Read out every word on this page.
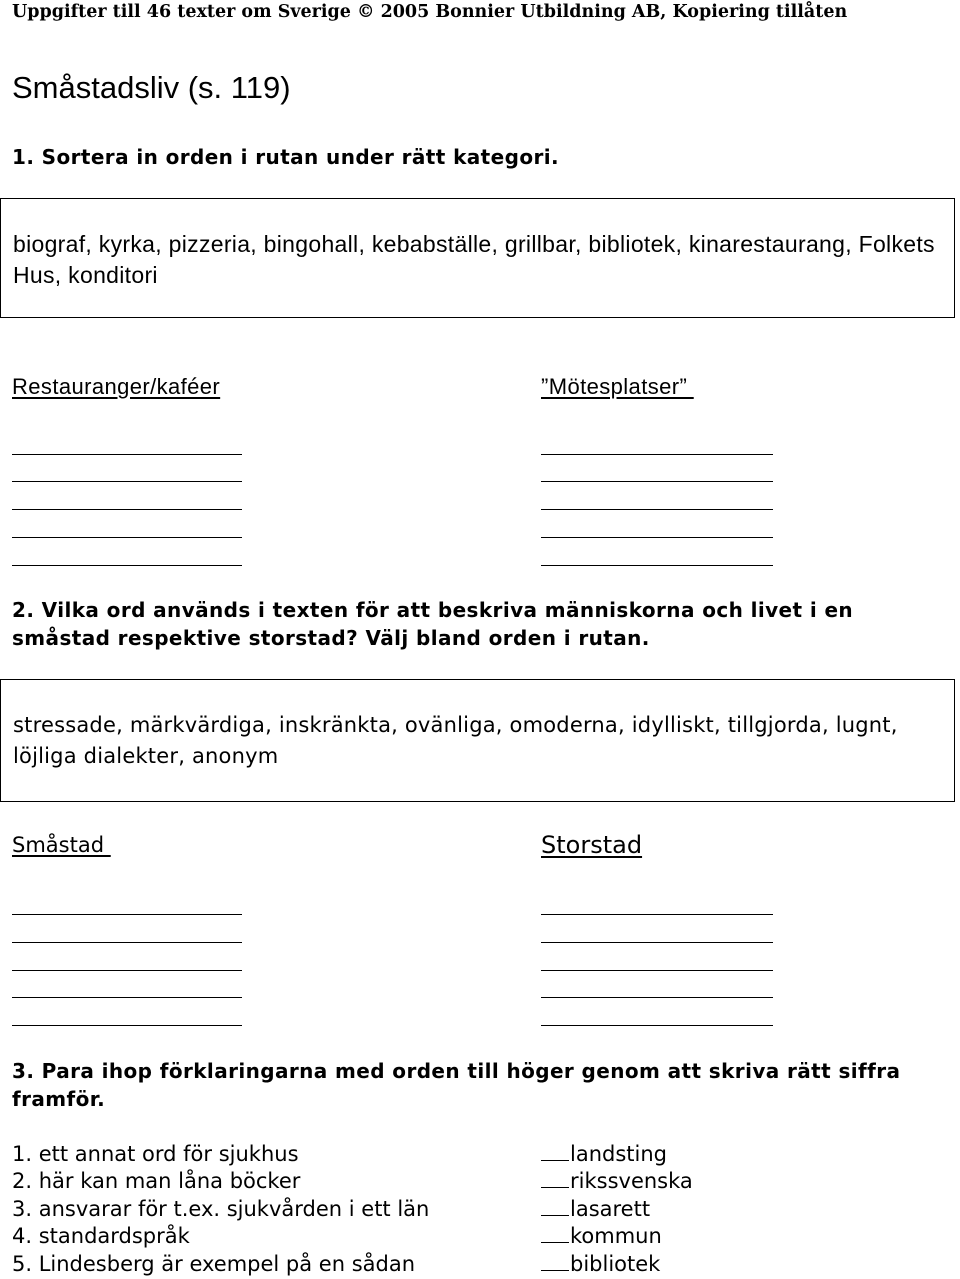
Uppgifter till 46 texter om Sverige © 2005 Bonnier Utbildning AB, Kopiering tillåten
Småstadsliv (s. 119)
1. Sortera in orden i rutan under rätt kategori.
biograf, kyrka, pizzeria, bingohall, kebabställe, grillbar, bibliotek, kinarestaurang, Folkets Hus, konditori
Restauranger/kaféer	”Mötesplatser”
2. Vilka ord används i texten för att beskriva människorna och livet i en småstad respektive storstad? Välj bland orden i rutan.
stressade, märkvärdiga, inskränkta, ovänliga, omoderna, idylliskt, tillgjorda, lugnt, löjliga dialekter, anonym
Småstad	Storstad
3. Para ihop förklaringarna med orden till höger genom att skriva rätt siffra framför.
1. ett annat ord för sjukhus
2. här kan man låna böcker
3. ansvarar för t.ex. sjukvården i ett län
4. standardspråk
5. Lindesberg är exempel på en sådan
landsting
rikssvenska
lasarett
kommun
bibliotek
